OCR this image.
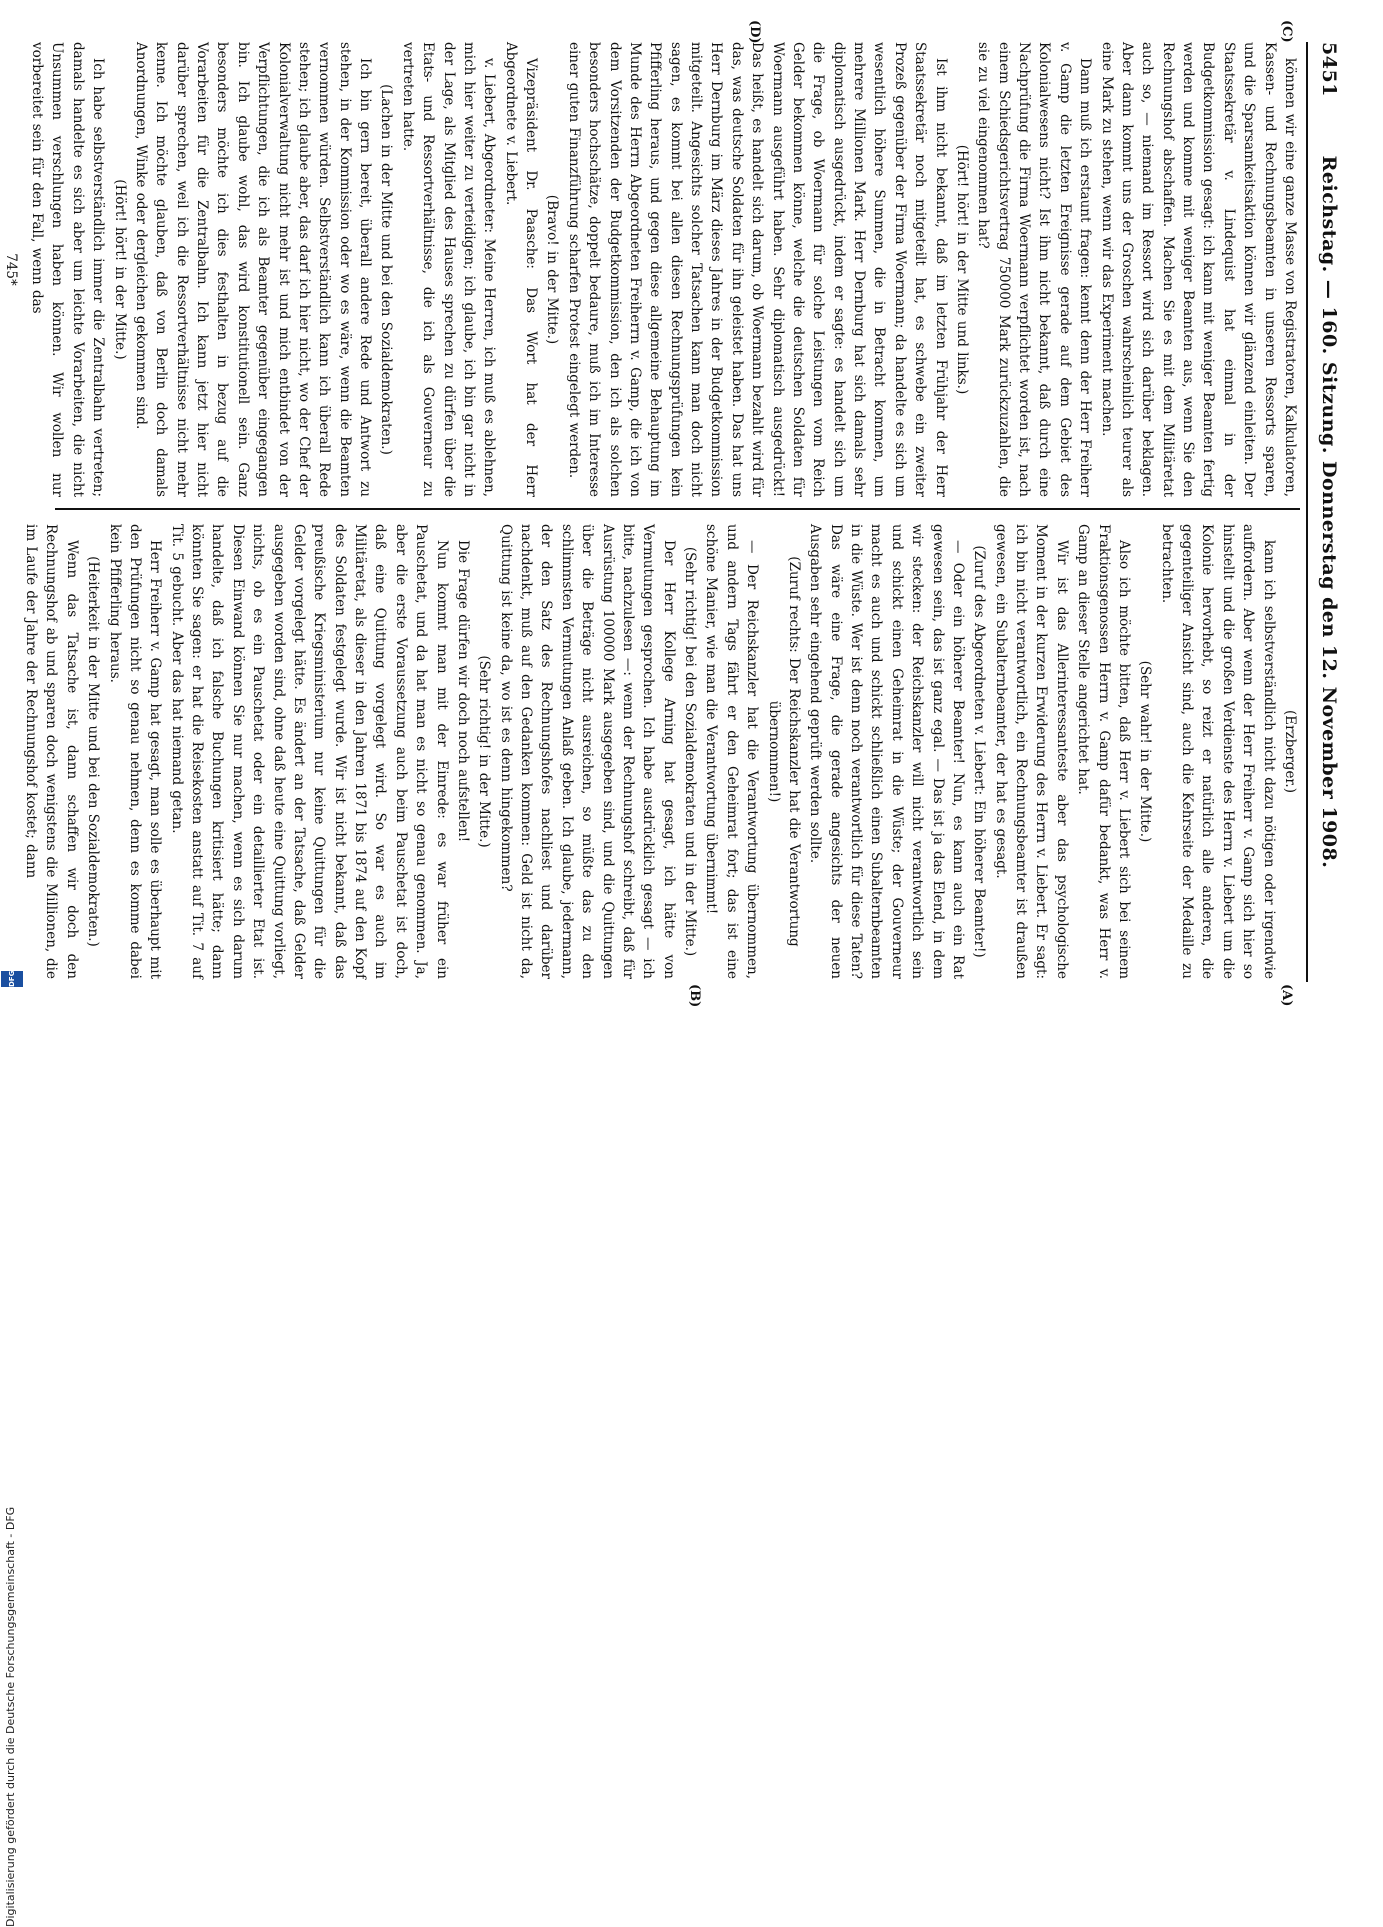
5451
Reichstag. — 160. Sitzung. Donnerstag den 12. November 1908.

können wir eine ganze Masse von Registratoren, Kalkulatoren, Kassen- und Rechnungsbeamten in unseren Ressorts sparen, und die Sparsamkeitsaktion können wir glänzend einleiten. Der Staatssekretär v. Lindequist hat einmal in der Budgetkommission gesagt: ich kann mit weniger Beamten fertig werden und komme mit weniger Beamten aus, wenn Sie den Rechnungshof abschaffen. Machen Sie es mit dem Militäretat auch so, — niemand im Ressort wird sich darüber beklagen. Aber dann kommt uns der Groschen wahrscheinlich teurer als eine Mark zu stehen, wenn wir das Experiment machen.

Dann muß ich erstaunt fragen: kennt denn der Herr Freiherr v. Gamp die letzten Ereignisse gerade auf dem Gebiet des Kolonialwesens nicht? Ist ihm nicht bekannt, daß durch eine Nachprüfung die Firma Woermann verpflichtet worden ist, nach einem Schiedsgerichtsvertrag 750000 Mark zurückzuzahlen, die sie zu viel eingenommen hat?

(Hört! hört! in der Mitte und links.)

Ist ihm nicht bekannt, daß im letzten Frühjahr der Herr Staatssekretär noch mitgeteilt hat, es schwebe ein zweiter Prozeß gegenüber der Firma Woermann; da handelte es sich um wesentlich höhere Summen, die in Betracht kommen, um mehrere Millionen Mark. Herr Dernburg hat sich damals sehr diplomatisch ausgedrückt, indem er sagte: es handelt sich um die Frage, ob Woermann für solche Leistungen vom Reich Gelder bekommen könne, welche die deutschen Soldaten für Woermann ausgeführt haben. Sehr diplomatisch ausgedrückt! Das heißt, es handelt sich darum, ob Woermann bezahlt wird für das, was deutsche Soldaten für ihn geleistet haben. Das hat uns Herr Dernburg im März dieses Jahres in der Budgetkommission mitgeteilt. Angesichts solcher Tatsachen kann man doch nicht sagen, es kommt bei allen diesen Rechnungsprüfungen kein Pfifferling heraus, und gegen diese allgemeine Behauptung im Munde des Herrn Abgeordneten Freiherrn v. Gamp, die ich von dem Vorsitzenden der Budgetkommission, den ich als solchen besonders hochschätze, doppelt bedaure, muß ich im Interesse einer guten Finanzführung scharfen Protest eingelegt werden.

(Bravo! in der Mitte.)

Vizepräsident Dr. Paasche: Das Wort hat der Herr Abgeordnete v. Liebert.

v. Liebert, Abgeordneter: Meine Herren, ich muß es ablehnen, mich hier weiter zu verteidigen; ich glaube, ich bin gar nicht in der Lage, als Mitglied des Hauses sprechen zu dürfen über die Etats- und Ressortverhältnisse, die ich als Gouverneur zu vertreten hatte.

(Lachen in der Mitte und bei den Sozialdemokraten.)

Ich bin gern bereit, überall andere Rede und Antwort zu stehen, in der Kommission oder wo es wäre, wenn die Beamten vernommen würden. Selbstverständlich kann ich überall Rede stehen; ich glaube aber, das darf ich hier nicht, wo der Chef der Kolonialverwaltung nicht mehr ist und mich entbindet von der Verpflichtungen, die ich als Beamter gegenüber eingegangen bin. Ich glaube wohl, das wird konstitutionell sein. Ganz besonders möchte ich dies festhalten in bezug auf die Vorarbeiten für die Zentralbahn. Ich kann jetzt hier nicht darüber sprechen, weil ich die Ressortverhältnisse nicht mehr kenne. Ich möchte glauben, daß von Berlin doch damals Anordnungen, Winke oder dergleichen gekommen sind.

(Hört! hört! in der Mitte.)

Ich habe selbstverständlich immer die Zentralbahn vertreten; damals handelte es sich aber um leichte Vorarbeiten, die nicht Unsummen verschlungen haben können. Wir wollen nur vorbereitet sein für den Fall, wenn das

745*

(Erzberger.)

kann ich selbstverständlich nicht dazu nötigen oder irgendwie auffordern. Aber wenn der Herr Freiherr v. Gamp sich hier so hinstellt und die großen Verdienste des Herrn v. Liebert um die Kolonie hervorhebt, so reizt er natürlich alle anderen, die gegenteiliger Ansicht sind, auch die Kehrseite der Medaille zu betrachten.

(Sehr wahr! in der Mitte.)

Also ich möchte bitten, daß Herr v. Liebert sich bei seinem Fraktionsgenossen Herrn v. Gamp dafür bedankt, was Herr v. Gamp an dieser Stelle angerichtet hat.

Wir ist das Allerinteressanteste aber das psychologische Moment in der kurzen Erwiderung des Herrn v. Liebert. Er sagt: ich bin nicht verantwortlich, ein Rechnungsbeamter ist draußen gewesen, ein Subalternbeamter, der hat es gesagt.

(Zuruf des Abgeordneten v. Liebert: Ein höherer Beamter!)

— Oder ein höherer Beamter! Nun, es kann auch ein Rat gewesen sein, das ist ganz egal. — Das ist ja das Elend, in dem wir stecken: der Reichskanzler will nicht verantwortlich sein und schickt einen Geheimrat in die Wüste; der Gouverneur macht es auch und schickt schließlich einen Subalternbeamten in die Wüste. Wer ist denn noch verantwortlich für diese Taten? Das wäre eine Frage, die gerade angesichts der neuen Ausgaben sehr eingehend geprüft werden sollte.

(Zuruf rechts: Der Reichskanzler hat die Verantwortung übernommen!)

— Der Reichskanzler hat die Verantwortung übernommen, und andern Tags fährt er den Geheimrat fort; das ist eine schöne Manier, wie man die Verantwortung übernimmt!

(Sehr richtig! bei den Sozialdemokraten und in der Mitte.)

Der Herr Kollege Arning hat gesagt, ich hätte von Vermutungen gesprochen. Ich habe ausdrücklich gesagt — ich bitte, nachzulesen —: wenn der Rechnungshof schreibt, daß für Ausrüstung 100000 Mark ausgegeben sind, und die Quittungen über die Beträge nicht ausreichen, so müßte das zu den schlimmsten Vermutungen Anlaß geben. Ich glaube, jedermann, der den Satz des Rechnungshofes nachliest und darüber nachdenkt, muß auf den Gedanken kommen: Geld ist nicht da, Quittung ist keine da, wo ist es denn hingekommen?

(Sehr richtig! in der Mitte.)

Die Frage dürfen wir doch noch aufstellen!

Nun kommt man mit der Einrede: es war früher ein Pauschetat, und da hat man es nicht so genau genommen. Ja, aber die erste Voraussetzung auch beim Pauschetat ist doch, daß eine Quittung vorgelegt wird. So war es auch im Militäretat, als dieser in den Jahren 1871 bis 1874 auf den Kopf des Soldaten festgelegt wurde. Wir ist nicht bekannt, daß das preußische Kriegsministerium nur keine Quittungen für die Gelder vorgelegt hätte. Es ändert an der Tatsache, daß Gelder ausgegeben worden sind, ohne daß heute eine Quittung vorliegt, nichts, ob es ein Pauschetat oder ein detaillierter Etat ist. Diesen Einwand können Sie nur machen, wenn es sich darum handelte, daß ich falsche Buchungen kritisiert hätte; dann könnten Sie sagen: er hat die Reisekosten anstatt auf Tit. 7 auf Tit. 5 gebucht. Aber das hat niemand getan.

Herr Freiherr v. Gamp hat gesagt, man solle es überhaupt mit den Prüfungen nicht so genau nehmen, denn es komme dabei kein Pfifferling heraus.

(Heiterkeit in der Mitte und bei den Sozialdemokraten.)

Wenn das Tatsache ist, dann schaffen wir doch den Rechnungshof ab und sparen doch wenigstens die Millionen, die im Laufe der Jahre der Rechnungshof kostet; dann

(C)
(D)
(A)
(B)
Digitalisierung gefördert durch die Deutsche Forschungsgemeinschaft - DFG
DFG
